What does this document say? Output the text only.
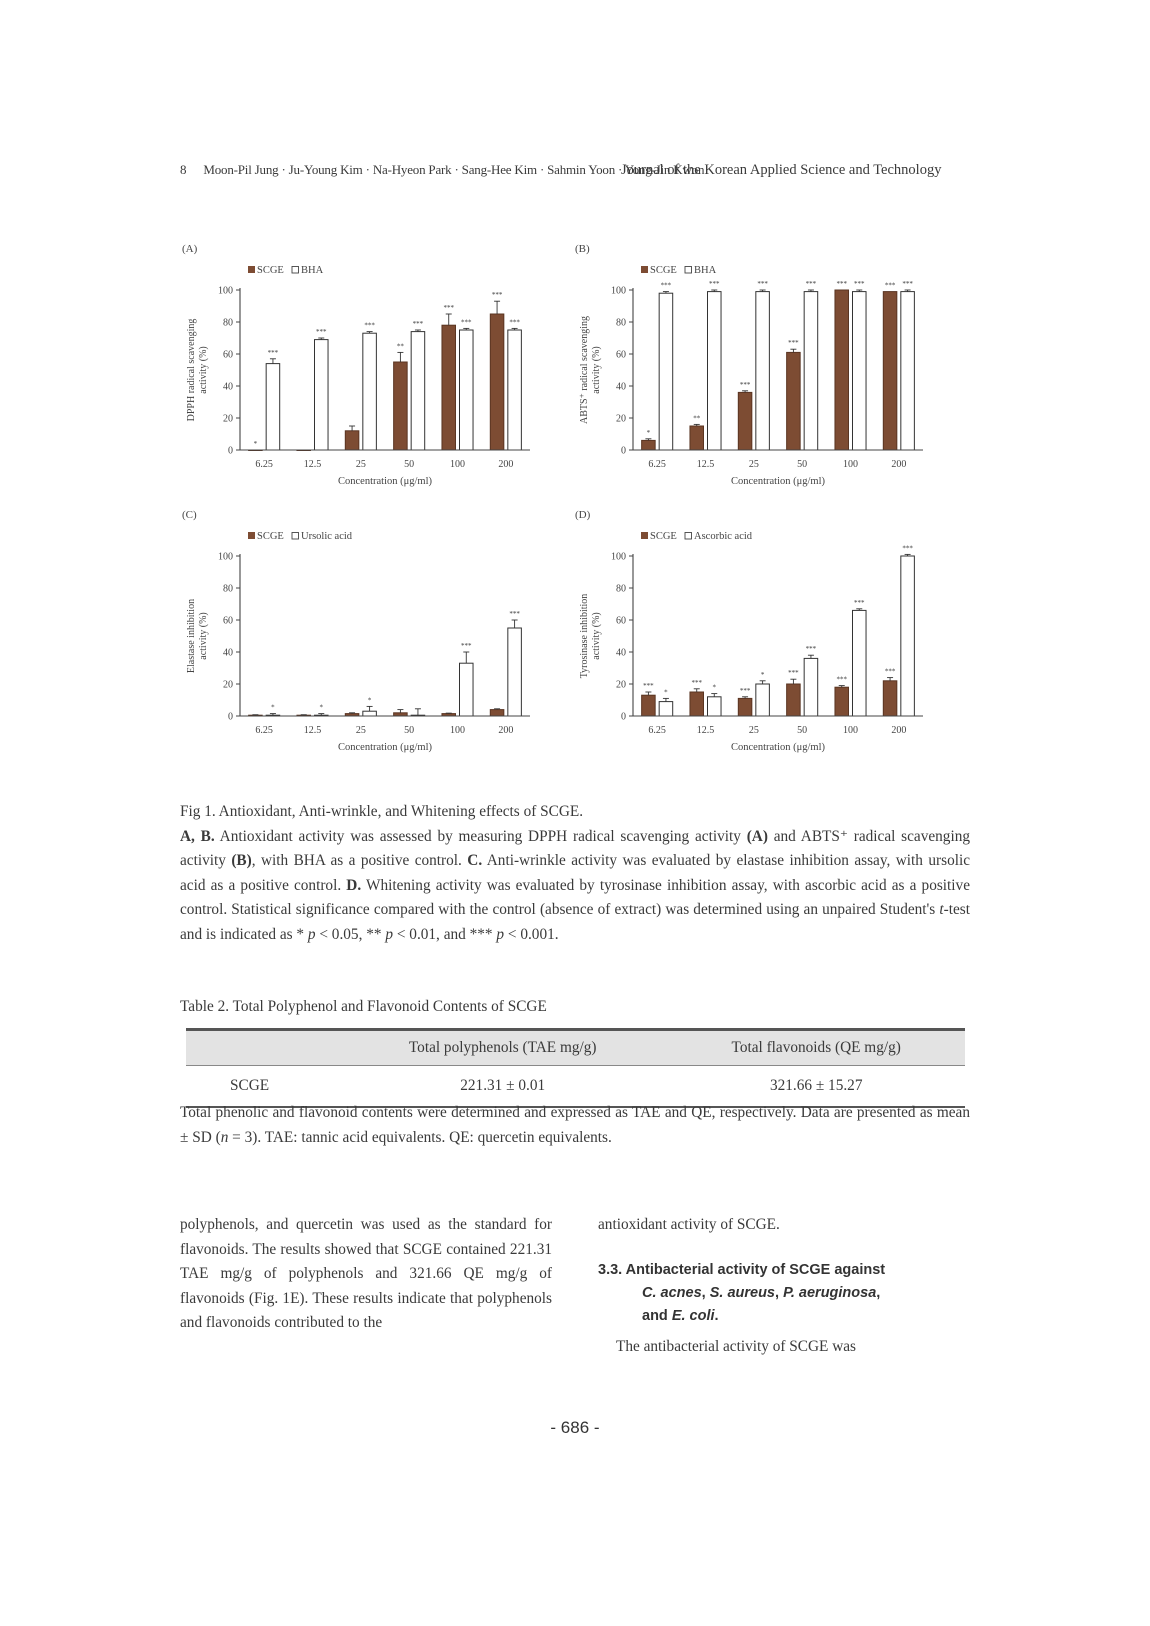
8 Moon-Pil Jung · Ju-Young Kim · Na-Hyeon Park · Sang-Hee Kim · Sahmin Yoon · Yong-Jin Kwon
Journal of the Korean Applied Science and Technology
(A)
SCGE BHA
0
20
40
60
80
100
DPPH radical scavenging activity (%)
*
***
6.25
***
12.5
***
25
**
***
50
***
***
100
***
***
200
Concentration (μg/ml)
(B)
SCGE BHA
0
20
40
60
80
100
ABTS⁺ radical scavenging activity (%)
*
***
6.25
**
***
12.5
***
***
25
***
***
50
*** ***
100
*** ***
200
Concentration (μg/ml)
(C)
SCGE Ursolic acid
0
20
40
60
80
100
Elastase inhibition activity (%)
*
6.25
*
12.5
*
25	50
***
100
***
200
Concentration (μg/ml)
(D)
SCGE Ascorbic acid
0
20
40
60
80
100
Tyrosinase inhibition activity (%)
***
*
6.25
***
*
12.5
***
*
25
***
***
50
***
***
100
***
***
200
Concentration (μg/ml)

Fig 1. Antioxidant, Anti-wrinkle, and Whitening effects of SCGE.

A, B. Antioxidant activity was assessed by measuring DPPH radical scavenging activity (A) and ABTS⁺ radical scavenging activity (B), with BHA as a positive control. C. Anti-wrinkle activity was evaluated by elastase inhibition assay, with ursolic acid as a positive control. D. Whitening activity was evaluated by tyrosinase inhibition assay, with ascorbic acid as a positive control. Statistical significance compared with the control (absence of extract) was determined using an unpaired Student's t-test and is indicated as * p < 0.05, ** p < 0.01, and *** p < 0.001.

Table 2. Total Polyphenol and Flavonoid Contents of SCGE
	Total polyphenols (TAE mg/g)	Total flavonoids (QE mg/g)
SCGE	221.31 ± 0.01	321.66 ± 15.27
Total phenolic and flavonoid contents were determined and expressed as TAE and QE, respectively. Data are presented as mean ± SD (n = 3). TAE: tannic acid equivalents. QE: quercetin equivalents.

polyphenols, and quercetin was used as the standard for flavonoids. The results showed that SCGE contained 221.31 TAE mg/g of polyphenols and 321.66 QE mg/g of flavonoids (Fig. 1E). These results indicate that polyphenols and flavonoids contributed to the

antioxidant activity of SCGE.
3.3. Antibacterial activity of SCGE against
C. acnes, S. aureus, P. aeruginosa,
and E. coli.
The antibacterial activity of SCGE was
- 686 -
